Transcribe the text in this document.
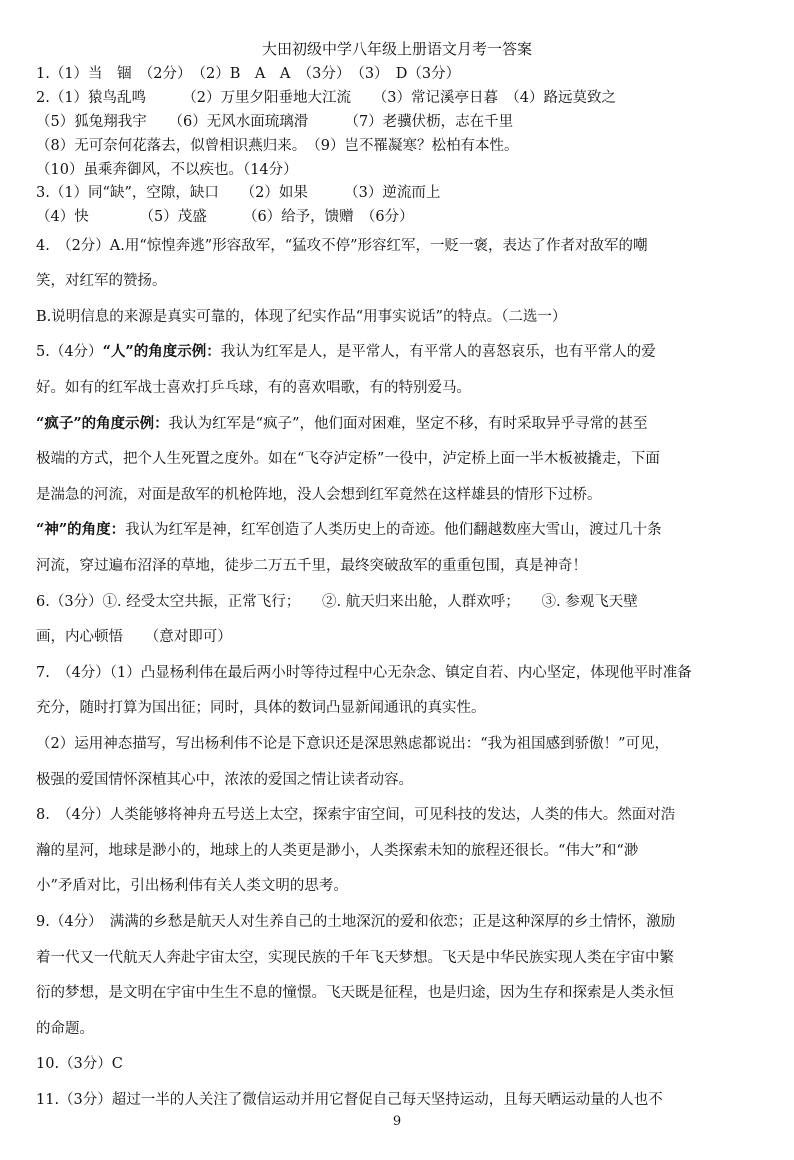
大田初级中学八年级上册语文月考一答案
1.（1）当　锢　（2分）　（2）B　A　A　（3分）　（3）　D（3分）
2.（1）猿鸟乱鸣　　　（2）万里夕阳垂地大江流　　（3）常记溪亭日暮　（4）路远莫致之
（5）狐兔翔我宇　　（6）无风水面琉璃滑　　　（7）老骥伏枥，志在千里
（8）无可奈何花落去，似曾相识燕归来。　（9）岂不罹凝寒？松柏有本性。
（10）虽乘奔御风，不以疾也。（14分）
3.（1）同“缺”，空隙，缺口　　（2）如果　　　（3）逆流而上
（4）快　　　　（5）茂盛　　　（6）给予，馈赠　（6分）
4.　（2分）A.用“惊惶奔逃”形容敌军，“猛攻不停”形容红军，一贬一褒，表达了作者对敌军的嘲
笑，对红军的赞扬。
B.说明信息的来源是真实可靠的，体现了纪实作品“用事实说话”的特点。（二选一）
5.（4分）“人”的角度示例：我认为红军是人，是平常人，有平常人的喜怒哀乐，也有平常人的爱
好。如有的红军战士喜欢打乒乓球，有的喜欢唱歌，有的特别爱马。
“疯子”的角度示例：我认为红军是“疯子”，他们面对困难，坚定不移，有时采取异乎寻常的甚至
极端的方式，把个人生死置之度外。如在“飞夺泸定桥”一役中，泸定桥上面一半木板被撬走，下面
是湍急的河流，对面是敌军的机枪阵地，没人会想到红军竟然在这样雄县的情形下过桥。
“神”的角度：我认为红军是神，红军创造了人类历史上的奇迹。他们翻越数座大雪山，渡过几十条
河流，穿过遍布沼泽的草地，徒步二万五千里，最终突破敌军的重重包围，真是神奇！
6.（3分）①. 经受太空共振，正常飞行；　　②. 航天归来出舱，人群欢呼；　　③. 参观飞天壁
画，内心顿悟　　（意对即可）
7.　（4分）（1）凸显杨利伟在最后两小时等待过程中心无杂念、镇定自若、内心坚定，体现他平时准备
充分，随时打算为国出征；同时，具体的数词凸显新闻通讯的真实性。
（2）运用神态描写，写出杨利伟不论是下意识还是深思熟虑都说出：“我为祖国感到骄傲！”可见，
极强的爱国情怀深植其心中，浓浓的爱国之情让读者动容。
8.　（4分）人类能够将神舟五号送上太空，探索宇宙空间，可见科技的发达，人类的伟大。然面对浩
瀚的星河，地球是渺小的，地球上的人类更是渺小，人类探索未知的旅程还很长。“伟大”和“渺
小”矛盾对比，引出杨利伟有关人类文明的思考。
9.（4分）　满满的乡愁是航天人对生养自己的土地深沉的爱和依恋；正是这种深厚的乡土情怀，激励
着一代又一代航天人奔赴宇宙太空，实现民族的千年飞天梦想。飞天是中华民族实现人类在宇宙中繁
衍的梦想，是文明在宇宙中生生不息的憧憬。飞天既是征程，也是归途，因为生存和探索是人类永恒
的命题。
10.（3分）C
11.（3分）超过一半的人关注了微信运动并用它督促自己每天坚持运动，且每天晒运动量的人也不
9
